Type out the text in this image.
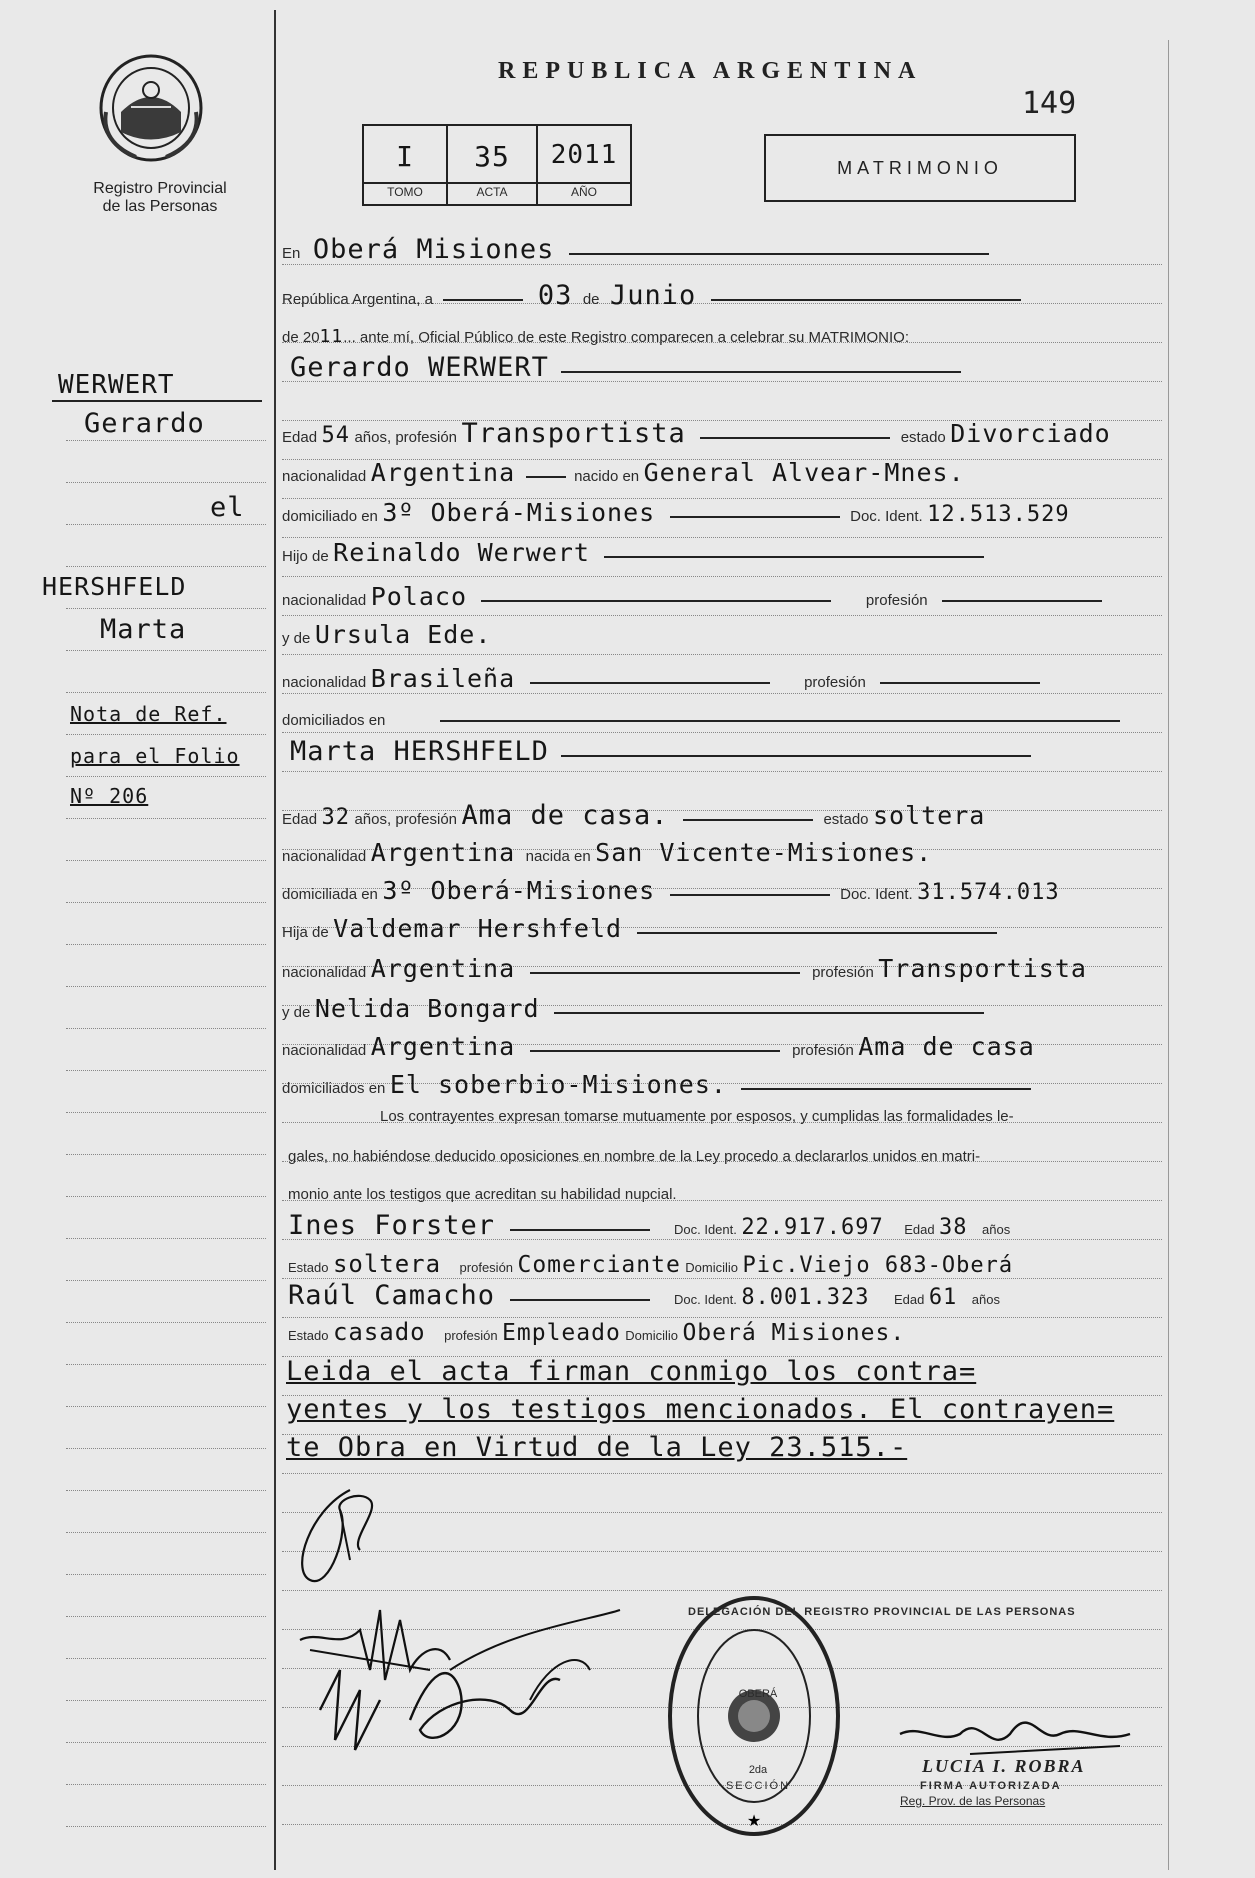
Registro Provincial
de las Personas
REPUBLICA ARGENTINA
149
I	35	2011
TOMO	ACTA	AÑO
MATRIMONIO
WERWERT
Gerardo
el
HERSHFELD
Marta
Nota de Ref.
para el Folio
Nº 206
En Oberá Misiones
República Argentina, a	03 de Junio
de 2011... ante mí, Oficial Público de este Registro comparecen a celebrar su MATRIMONIO:
Gerardo WERWERT
Edad 54 años, profesión Transportista	estado Divorciado
nacionalidad Argentina	nacido en General Alvear-Mnes.
domiciliado en 3º Oberá-Misiones	Doc. Ident. 12.513.529
Hijo de Reinaldo Werwert
nacionalidad Polaco	profesión
y de Ursula Ede.
nacionalidad Brasileña	profesión
domiciliados en
Marta HERSHFELD
Edad 32 años, profesión Ama de casa.	estado soltera
nacionalidad Argentina nacida en San Vicente-Misiones.
domiciliada en 3º Oberá-Misiones	Doc. Ident. 31.574.013
Hija de Valdemar Hershfeld
nacionalidad Argentina	profesión Transportista
y de Nelida Bongard
nacionalidad Argentina	profesión Ama de casa
domiciliados en El soberbio-Misiones.
Los contrayentes expresan tomarse mutuamente por esposos, y cumplidas las formalidades le-
gales, no habiéndose deducido oposiciones en nombre de la Ley procedo a declararlos unidos en matri-
monio ante los testigos que acreditan su habilidad nupcial.
Ines Forster	Doc. Ident. 22.917.697 Edad 38 años
Estado soltera profesión Comerciante Domicilio Pic.Viejo 683-Oberá
Raúl Camacho	Doc. Ident. 8.001.323 Edad 61 años
Estado casado profesión Empleado Domicilio Oberá Misiones.
Leida el acta firman conmigo los contra=
yentes y los testigos mencionados. El contrayen=
te Obra en Virtud de la Ley 23.515.-
★
DELEGACIÓN DEL REGISTRO PROVINCIAL DE LAS PERSONAS
OBERÁ
2da
SECCIÓN
LUCIA I. ROBRA
FIRMA AUTORIZADA
Reg. Prov. de las Personas
